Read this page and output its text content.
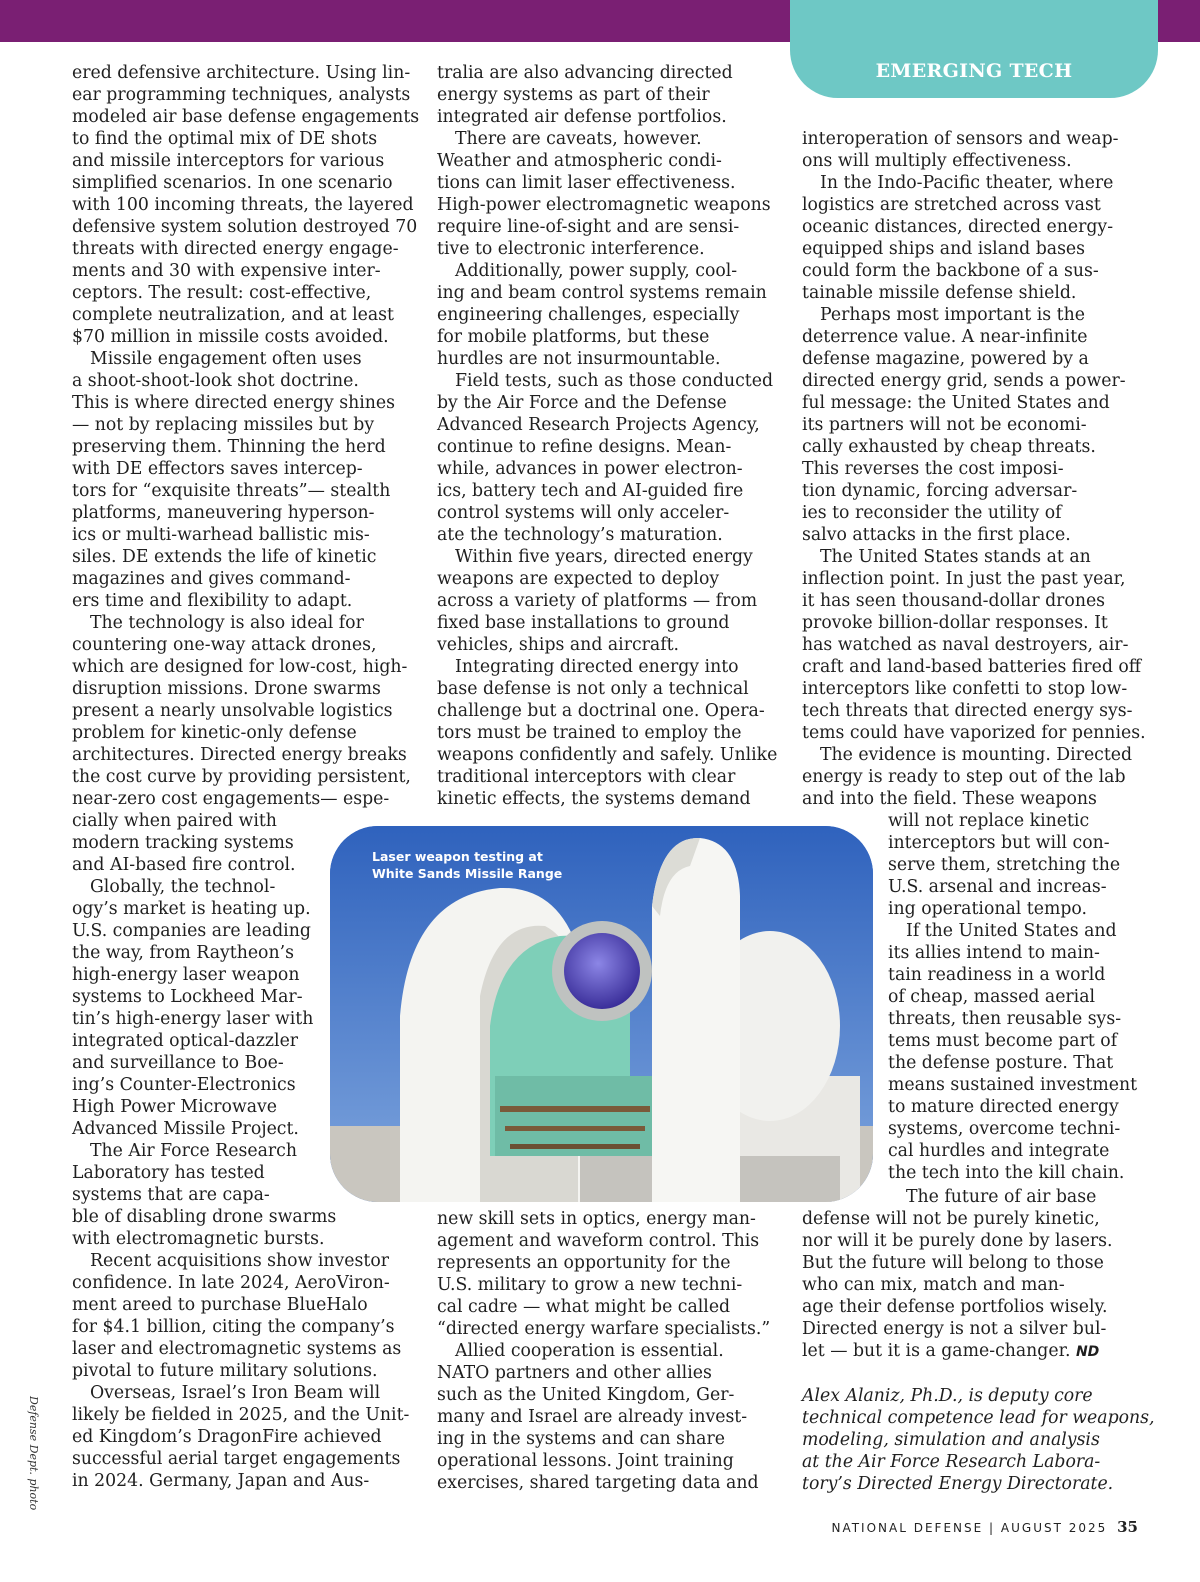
EMERGING TECH

ered defensive architecture. Using lin-
ear programming techniques, analysts
modeled air base defense engagements
to find the optimal mix of DE shots
and missile interceptors for various
simplified scenarios. In one scenario
with 100 incoming threats, the layered
defensive system solution destroyed 70
threats with directed energy engage-
ments and 30 with expensive inter-
ceptors. The result: cost-effective,
complete neutralization, and at least
$70 million in missile costs avoided.

Missile engagement often uses
a shoot-shoot-look shot doctrine.
This is where directed energy shines
— not by replacing missiles but by
preserving them. Thinning the herd
with DE effectors saves intercep-
tors for “exquisite threats”— stealth
platforms, maneuvering hyperson-
ics or multi-warhead ballistic mis-
siles. DE extends the life of kinetic
magazines and gives command-
ers time and flexibility to adapt.

The technology is also ideal for
countering one-way attack drones,
which are designed for low-cost, high-
disruption missions. Drone swarms
present a nearly unsolvable logistics
problem for kinetic-only defense
architectures. Directed energy breaks
the cost curve by providing persistent,
near-zero cost engagements— espe-
cially when paired with
modern tracking systems
and AI-based fire control.

Globally, the technol-
ogy’s market is heating up.
U.S. companies are leading
the way, from Raytheon’s
high-energy laser weapon
systems to Lockheed Mar-
tin’s high-energy laser with
integrated optical-dazzler
and surveillance to Boe-
ing’s Counter-Electronics
High Power Microwave
Advanced Missile Project.

The Air Force Research
Laboratory has tested
systems that are capa-
ble of disabling drone swarms
with electromagnetic bursts.

Recent acquisitions show investor
confidence. In late 2024, AeroViron-
ment areed to purchase BlueHalo
for $4.1 billion, citing the company’s
laser and electromagnetic systems as
pivotal to future military solutions.

Overseas, Israel’s Iron Beam will
likely be fielded in 2025, and the Unit-
ed Kingdom’s DragonFire achieved
successful aerial target engagements
in 2024. Germany, Japan and Aus-

tralia are also advancing directed
energy systems as part of their
integrated air defense portfolios.

There are caveats, however.
Weather and atmospheric condi-
tions can limit laser effectiveness.
High-power electromagnetic weapons
require line-of-sight and are sensi-
tive to electronic interference.

Additionally, power supply, cool-
ing and beam control systems remain
engineering challenges, especially
for mobile platforms, but these
hurdles are not insurmountable.

Field tests, such as those conducted
by the Air Force and the Defense
Advanced Research Projects Agency,
continue to refine designs. Mean-
while, advances in power electron-
ics, battery tech and AI-guided fire
control systems will only acceler-
ate the technology’s maturation.

Within five years, directed energy
weapons are expected to deploy
across a variety of platforms — from
fixed base installations to ground
vehicles, ships and aircraft.

Integrating directed energy into
base defense is not only a technical
challenge but a doctrinal one. Opera-
tors must be trained to employ the
weapons confidently and safely. Unlike
traditional interceptors with clear
kinetic effects, the systems demand

new skill sets in optics, energy man-
agement and waveform control. This
represents an opportunity for the
U.S. military to grow a new techni-
cal cadre — what might be called
“directed energy warfare specialists.”

Allied cooperation is essential.
NATO partners and other allies
such as the United Kingdom, Ger-
many and Israel are already invest-
ing in the systems and can share
operational lessons. Joint training
exercises, shared targeting data and

interoperation of sensors and weap-
ons will multiply effectiveness.

In the Indo-Pacific theater, where
logistics are stretched across vast
oceanic distances, directed energy-
equipped ships and island bases
could form the backbone of a sus-
tainable missile defense shield.

Perhaps most important is the
deterrence value. A near-infinite
defense magazine, powered by a
directed energy grid, sends a power-
ful message: the United States and
its partners will not be economi-
cally exhausted by cheap threats.
This reverses the cost imposi-
tion dynamic, forcing adversar-
ies to reconsider the utility of
salvo attacks in the first place.

The United States stands at an
inflection point. In just the past year,
it has seen thousand-dollar drones
provoke billion-dollar responses. It
has watched as naval destroyers, air-
craft and land-based batteries fired off
interceptors like confetti to stop low-
tech threats that directed energy sys-
tems could have vaporized for pennies.

The evidence is mounting. Directed
energy is ready to step out of the lab
and into the field. These weapons

will not replace kinetic
interceptors but will con-
serve them, stretching the
U.S. arsenal and increas-
ing operational tempo.

If the United States and
its allies intend to main-
tain readiness in a world
of cheap, massed aerial
threats, then reusable sys-
tems must become part of
the defense posture. That
means sustained investment
to mature directed energy
systems, overcome techni-
cal hurdles and integrate
the tech into the kill chain.

The future of air base

defense will not be purely kinetic,
nor will it be purely done by lasers.
But the future will belong to those
who can mix, match and man-
age their defense portfolios wisely.
Directed energy is not a silver bul-
let — but it is a game-changer. ND

Alex Alaniz, Ph.D., is deputy core
technical competence lead for weapons,
modeling, simulation and analysis
at the Air Force Research Labora-
tory’s Directed Energy Directorate.

Laser weapon testing at
White Sands Missile Range
Defense Dept. photo
NATIONAL DEFENSE | AUGUST 2025 35
